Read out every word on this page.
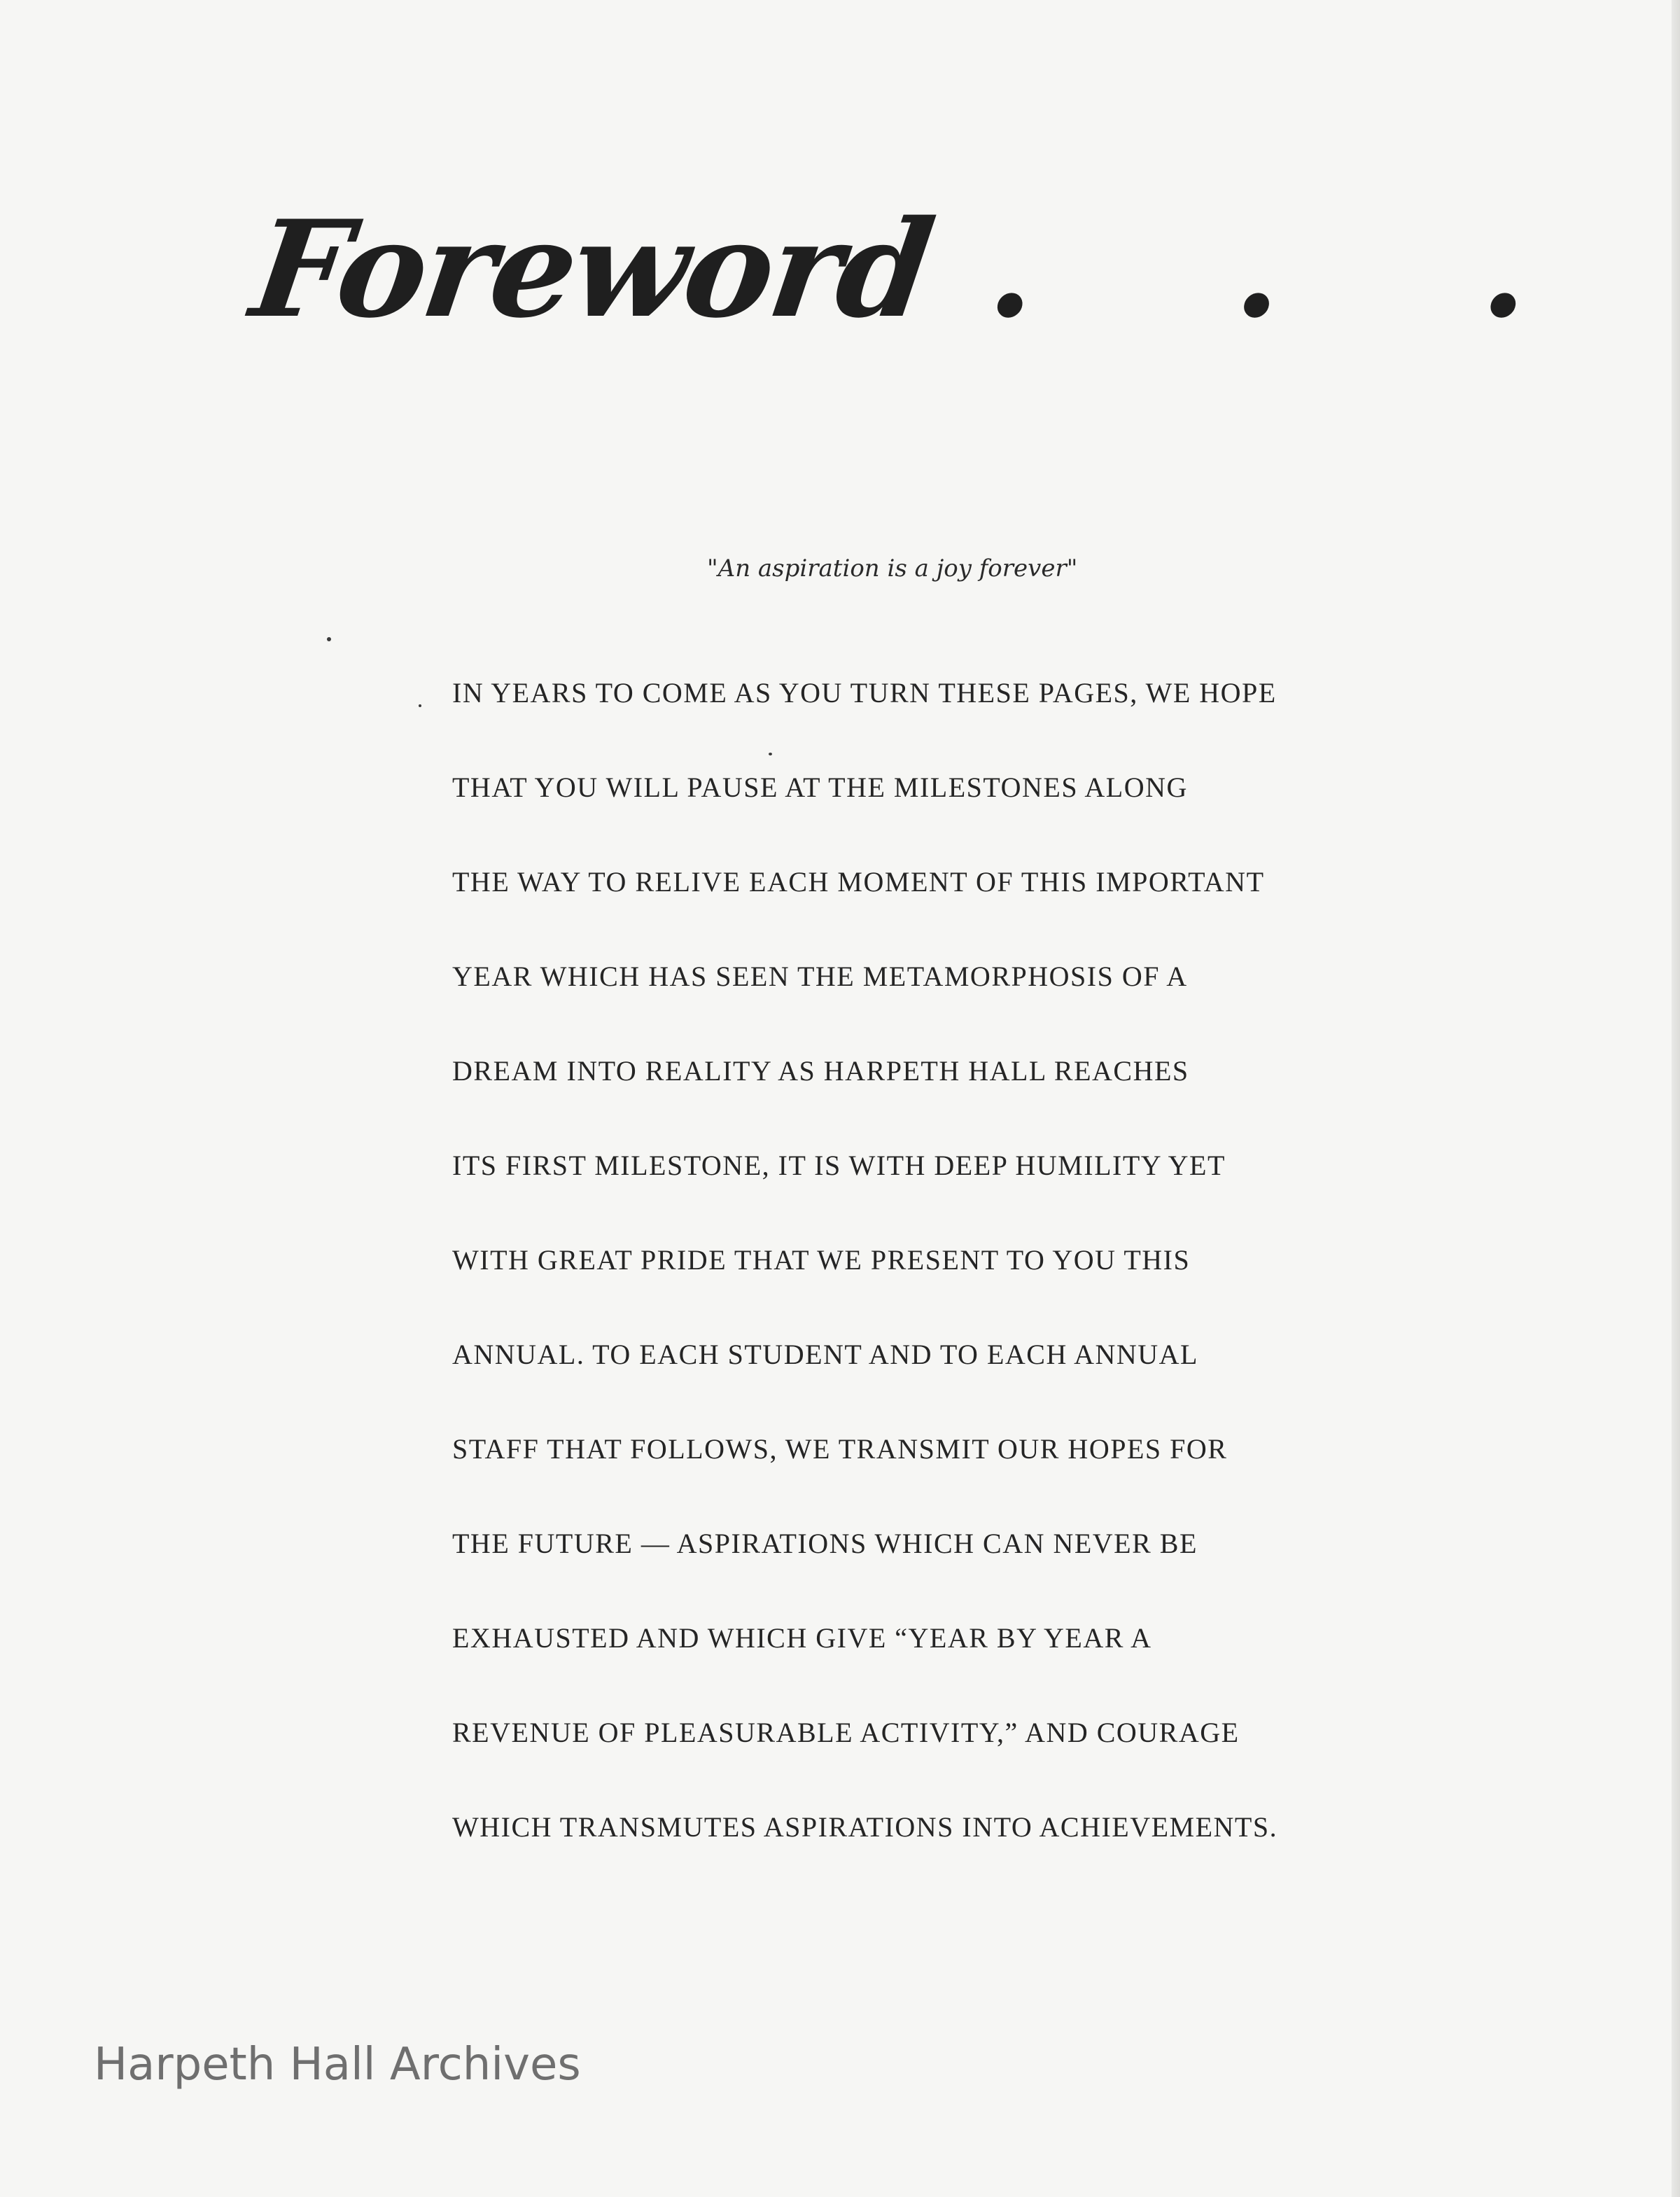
Foreword . . .
"An aspiration is a joy forever"
IN YEARS TO COME AS YOU TURN THESE PAGES, WE HOPE
THAT YOU WILL PAUSE AT THE MILESTONES ALONG
THE WAY TO RELIVE EACH MOMENT OF THIS IMPORTANT
YEAR WHICH HAS SEEN THE METAMORPHOSIS OF A
DREAM INTO REALITY AS HARPETH HALL REACHES
ITS FIRST MILESTONE, IT IS WITH DEEP HUMILITY YET
WITH GREAT PRIDE THAT WE PRESENT TO YOU THIS
ANNUAL. TO EACH STUDENT AND TO EACH ANNUAL
STAFF THAT FOLLOWS, WE TRANSMIT OUR HOPES FOR
THE FUTURE — ASPIRATIONS WHICH CAN NEVER BE
EXHAUSTED AND WHICH GIVE “YEAR BY YEAR A
REVENUE OF PLEASURABLE ACTIVITY,” AND COURAGE
WHICH TRANSMUTES ASPIRATIONS INTO ACHIEVEMENTS.
Harpeth Hall Archives
